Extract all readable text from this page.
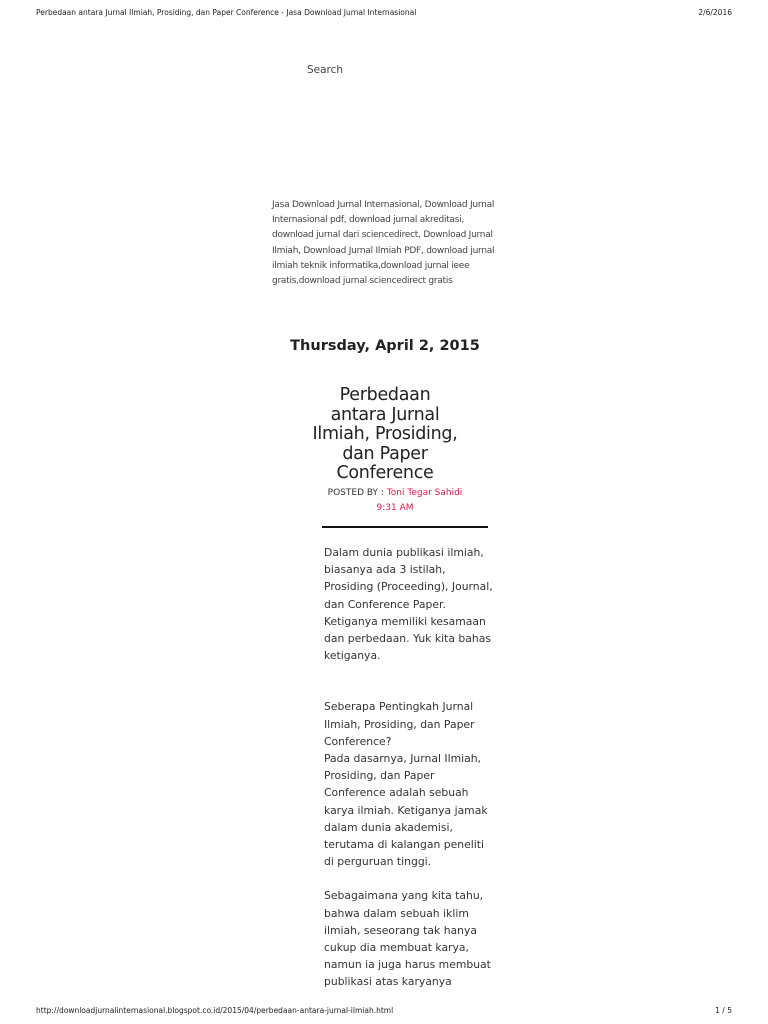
Perbedaan antara Jurnal Ilmiah, Prosiding, dan Paper Conference - Jasa Download Jurnal Internasional	2/6/2016
Search
Jasa Download Jurnal Internasional, Download Jurnal Internasional pdf, download jurnal akreditasi, download jurnal dari sciencedirect, Download Jurnal Ilmiah, Download Jurnal Ilmiah PDF, download jurnal ilmiah teknik informatika,download jurnal ieee gratis,download jurnal sciencedirect gratis
Thursday, April 2, 2015
Perbedaan antara Jurnal Ilmiah, Prosiding, dan Paper Conference
POSTED BY : Toni Tegar Sahidi
9:31 AM

Dalam dunia publikasi ilmiah, biasanya ada 3 istilah, Prosiding (Proceeding), Journal, dan Conference Paper. Ketiganya memiliki kesamaan dan perbedaan. Yuk kita bahas ketiganya.

Seberapa Pentingkah Jurnal Ilmiah, Prosiding, dan Paper Conference?

Pada dasarnya, Jurnal Ilmiah, Prosiding, dan Paper Conference adalah sebuah karya ilmiah. Ketiganya jamak dalam dunia akademisi, terutama di kalangan peneliti di perguruan tinggi.

Sebagaimana yang kita tahu, bahwa dalam sebuah iklim ilmiah, seseorang tak hanya cukup dia membuat karya, namun ia juga harus membuat publikasi atas karyanya

http://downloadjurnalinternasional.blogspot.co.id/2015/04/perbedaan-antara-jurnal-ilmiah.html	1 / 5
